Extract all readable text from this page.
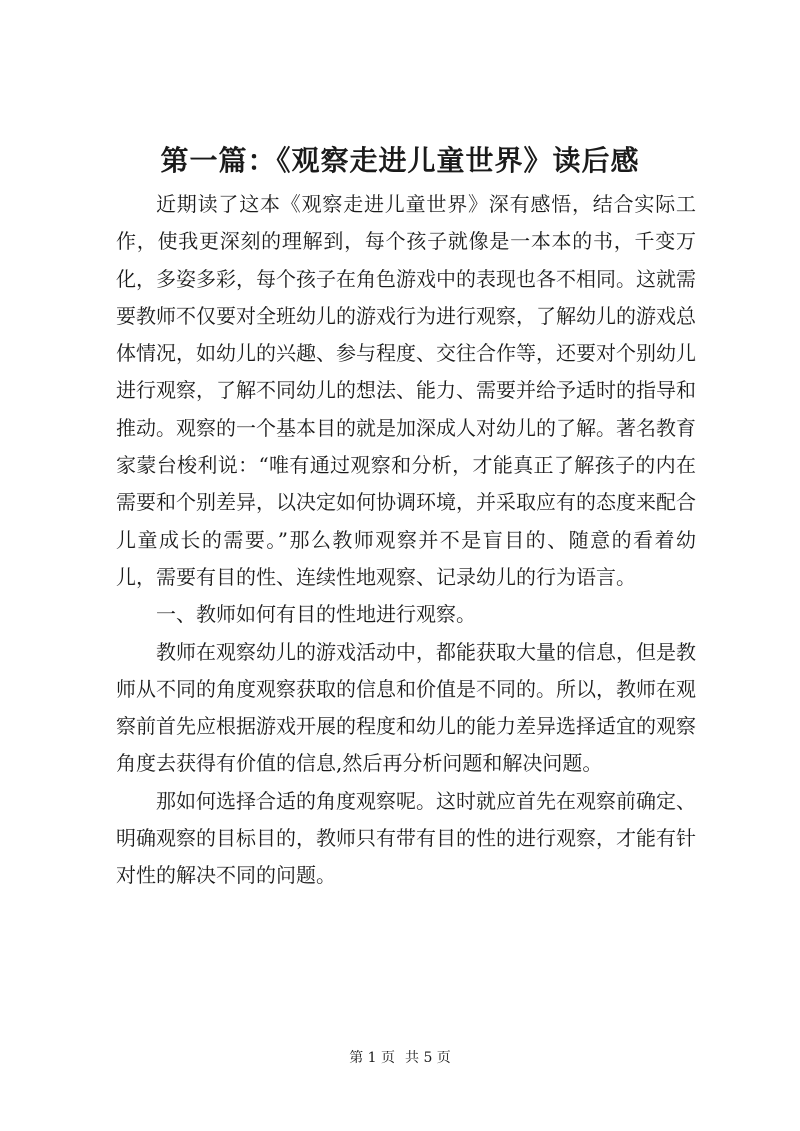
第一篇：《观察走进儿童世界》读后感

近期读了这本《观察走进儿童世界》深有感悟，结合实际工作，使我更深刻的理解到，每个孩子就像是一本本的书，千变万化，多姿多彩，每个孩子在角色游戏中的表现也各不相同。这就需要教师不仅要对全班幼儿的游戏行为进行观察，了解幼儿的游戏总体情况，如幼儿的兴趣、参与程度、交往合作等，还要对个别幼儿进行观察，了解不同幼儿的想法、能力、需要并给予适时的指导和推动。观察的一个基本目的就是加深成人对幼儿的了解。著名教育家蒙台梭利说：“唯有通过观察和分析，才能真正了解孩子的内在需要和个别差异，以决定如何协调环境，并采取应有的态度来配合儿童成长的需要。”那么教师观察并不是盲目的、随意的看着幼儿，需要有目的性、连续性地观察、记录幼儿的行为语言。

一、教师如何有目的性地进行观察。

教师在观察幼儿的游戏活动中，都能获取大量的信息，但是教师从不同的角度观察获取的信息和价值是不同的。所以，教师在观察前首先应根据游戏开展的程度和幼儿的能力差异选择适宜的观察角度去获得有价值的信息,然后再分析问题和解决问题。

那如何选择合适的角度观察呢。这时就应首先在观察前确定、明确观察的目标目的，教师只有带有目的性的进行观察，才能有针对性的解决不同的问题。

第 1 页 共 5 页
